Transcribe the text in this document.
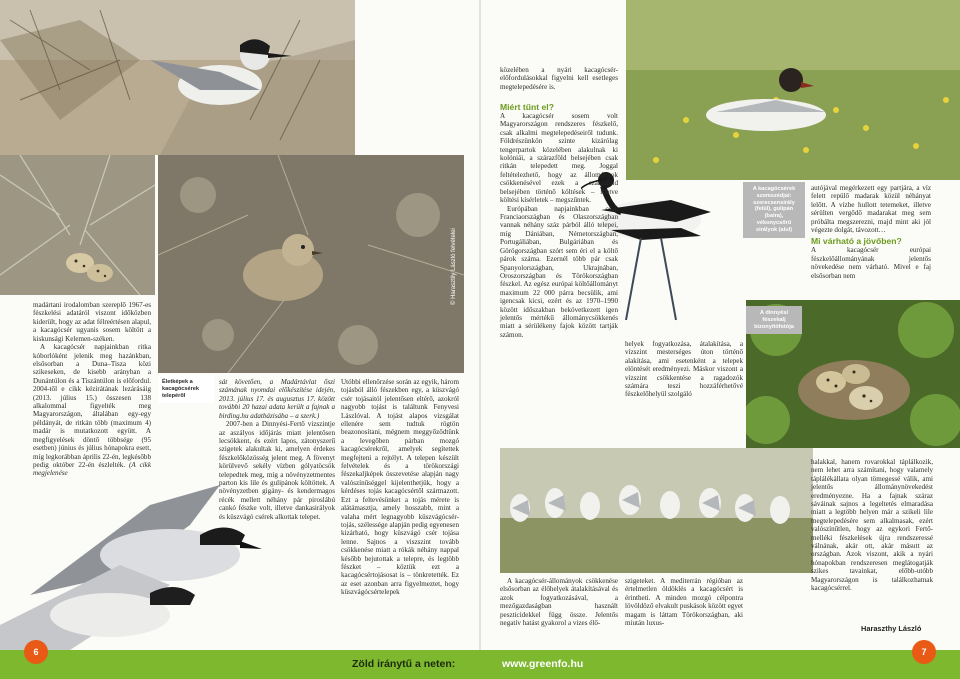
© Harasztily László felvételei
Életképek a kacagócsérek telepéről

madártani irodalomban szereplő 1967-es fészkelési adatáról viszont időközben kiderült, hogy az adat félreértésen alapul, a kacagócsér ugyanis sosem költött a kiskunsági Kelemen-széken.

A kacagócsér napjainkban ritka kóborlóként jelenik meg hazánkban, elsősorban a Duna–Tisza közi szikeseken, de kisebb arányban a Dunántúlon és a Tiszántúlon is előfordul. 2004-től e cikk kézirátának lezárásáig (2013. július 15.) összesen 138 alkalommal figyelték meg Magyarországon, általában egy-egy példányát, de ritkán több (maximum 4) madár is mutatkozott együtt. A megfigyelések döntő többsége (95 esetben) június és július hónapokra esett, míg legkorábban április 22-én, legkésőbb pedig október 22-én észlelték. (A cikk megjelenése

sát követően, a Madártávlat őszi számának nyomdai előkészítése idején, 2013. július 17. és augusztus 17. között további 20 hazai adata került a fajnak a birding.hu adatbázisába – a szerk.)

2007-ben a Dinnyési-Fertő vizszintje az aszályos időjárás miatt jelentősen lecsökkent, és ezért lapos, zátonyszerű szigetek alakultak ki, amelyen érdekes fészkelőközösség jelent meg. A fövenyt körülvevő sekély vízben gólyatöcsök telepedtek meg, míg a növényzetmentes parton kis lile és gulipánok költöttek. A növényzetben gigány- és kendermagos récék mellett néhány pár piroslábú cankó fészke volt, illetve dankasirályok és küszvágó csérek alkottak telepet.

Utóbbi ellenőrzése során az egyik, három tojásból álló fészekben egy, a küszvágó csér tojásaitól jelentősen eltérő, azokról nagyobb tojást is találtunk Fenyvesi Lászlóval. A tojást alapos vizsgálat ellenére sem tudtuk rögtön beazonosítani, mégnem meggyőződtünk a levegőben párban mozgó kacagócsérekről, amelyek segítettek megfejteni a rejtélyt. A telepen készült felvételek és a törökországi fészekaljképek összevetése alapján nagy valószínűséggel kijelenthetjük, hogy a kérdéses tojás kacagócsértől származott. Ezt a feltevésünket a tojás mérete is alátámasztja, amely hosszabb, mint a valaha mért legnagyobb küszvágócsér-tojás, szélessége alapján pedig egyenesen kizárható, hogy küszvágó csér tojása lenne. Sajnos a viszszint tovább csökkenése miatt a rókák néhány nappal később bejutottak a telepre, és legtöbb fészket – köztük ezt a kacagócsértojásosat is – tönkretették. Ez az eset azonban arra figyelmeztet, hogy küszvágócsértelepek

közelében a nyári kacagócsér-előfordulásokkal figyelni kell esetleges megtelepedésére is.

Miért tűnt el?

A kacagócsér sosem volt Magyarországon rendszeres fészkelő, csak alkalmi megtelepedéseiről tudunk. Földrészünkön szinte kizárólag tengerpartok közelében alakulnak ki kolóniái, a szárazföld belsejében csak ritkán telepedett meg. Joggal feltételezhető, hogy az állományok csökkenésével ezek a szárazföld belsejében történő költések – illetve költési kísérletek – megszűntek.

Európában napjainkban csak Franciaországban és Olaszországban vannak néhány száz párból álló telepei, míg Dániában, Németországban, Portugáliában, Bulgáriában és Görögországban szórt sem éri el a költő párok száma. Ezernél több pár csak Spanyolországban, Ukrajnában, Oroszországban és Törökországban fészkel. Az egész európai költőállományt maximum 22 000 párra becsülik, ami igencsak kicsi, ezért és az 1970–1990 között időszakban bekövetkezett igen jelentős mértékű állománycsökkenés miatt a sérülékeny fajok között tartják számon.

helyek fogyatkozása, átalakítása, a vízszint mesterséges úton történő alakítása, ami esetenként a telepek elöntését eredményezi. Máskor viszont a vízszint csökkentése a ragadozók számára teszi hozzáférhetővé fészkelőhelyül szolgáló

A kacagócsérek szomszédjai: szerecsensirály (felül), gulipán (balra), vékonycsőrű sirályok (alul)

autójával megérkezett egy partjára, a víz felett repülő madarak közül néhányat lelőtt. A vízbe hullott tetemeket, illetve sérülten vergődő madarakat meg sem próbálta megszerezni, majd mint aki jól végezte dolgát, távozott…

Mi várható a jövőben?

A kacagócsér európai fészkelőállományának jelentős növekedése nem várható. Mivel e faj elsősorban nem

A dinnyési fészekalj bizonyítófotója

A kacagócsér-állományok csökkenése elsősorban az élőhelyek átalakításával és azok fogyatkozásával, a mezőgazdaságban használt peszticidekkel függ össze. Jelentős negatív hatást gyakorol a vizes élő-

szigeteket. A mediterrán régióban az értelmetlen öldöklés a kacagócsért is érintheti. A minden mozgó célpontra lövöldöző elvakult puskások között egyet magam is láttam Törökországban, aki miután luxus-

halakkal, hanem rovarokkal táplálkozik, nem lehet arra számítani, hogy valamely táplálékállata olyan tömegessé válik, ami jelentős állománynövekedést eredményezne. Ha a fajnak száraz sáváinak sajnos a legeltetés elmaradása miatt a legtöbb helyen már a szikeli lile megtelepedésére sem alkalmasak, ezért valószínűtlen, hogy az egykori Fertő-melléki fészkelések újra rendszeressé válnának, akár ott, akár másutt az országban. Azok viszont, akik a nyári hónapokban rendszeresen meglátogatják szikes tavainkat, előbb-utóbb Magyarországon is találkozhatnak kacagócsérrel.

Haraszthy László
6	7
Zöld iránytű a neten:	www.greenfo.hu
